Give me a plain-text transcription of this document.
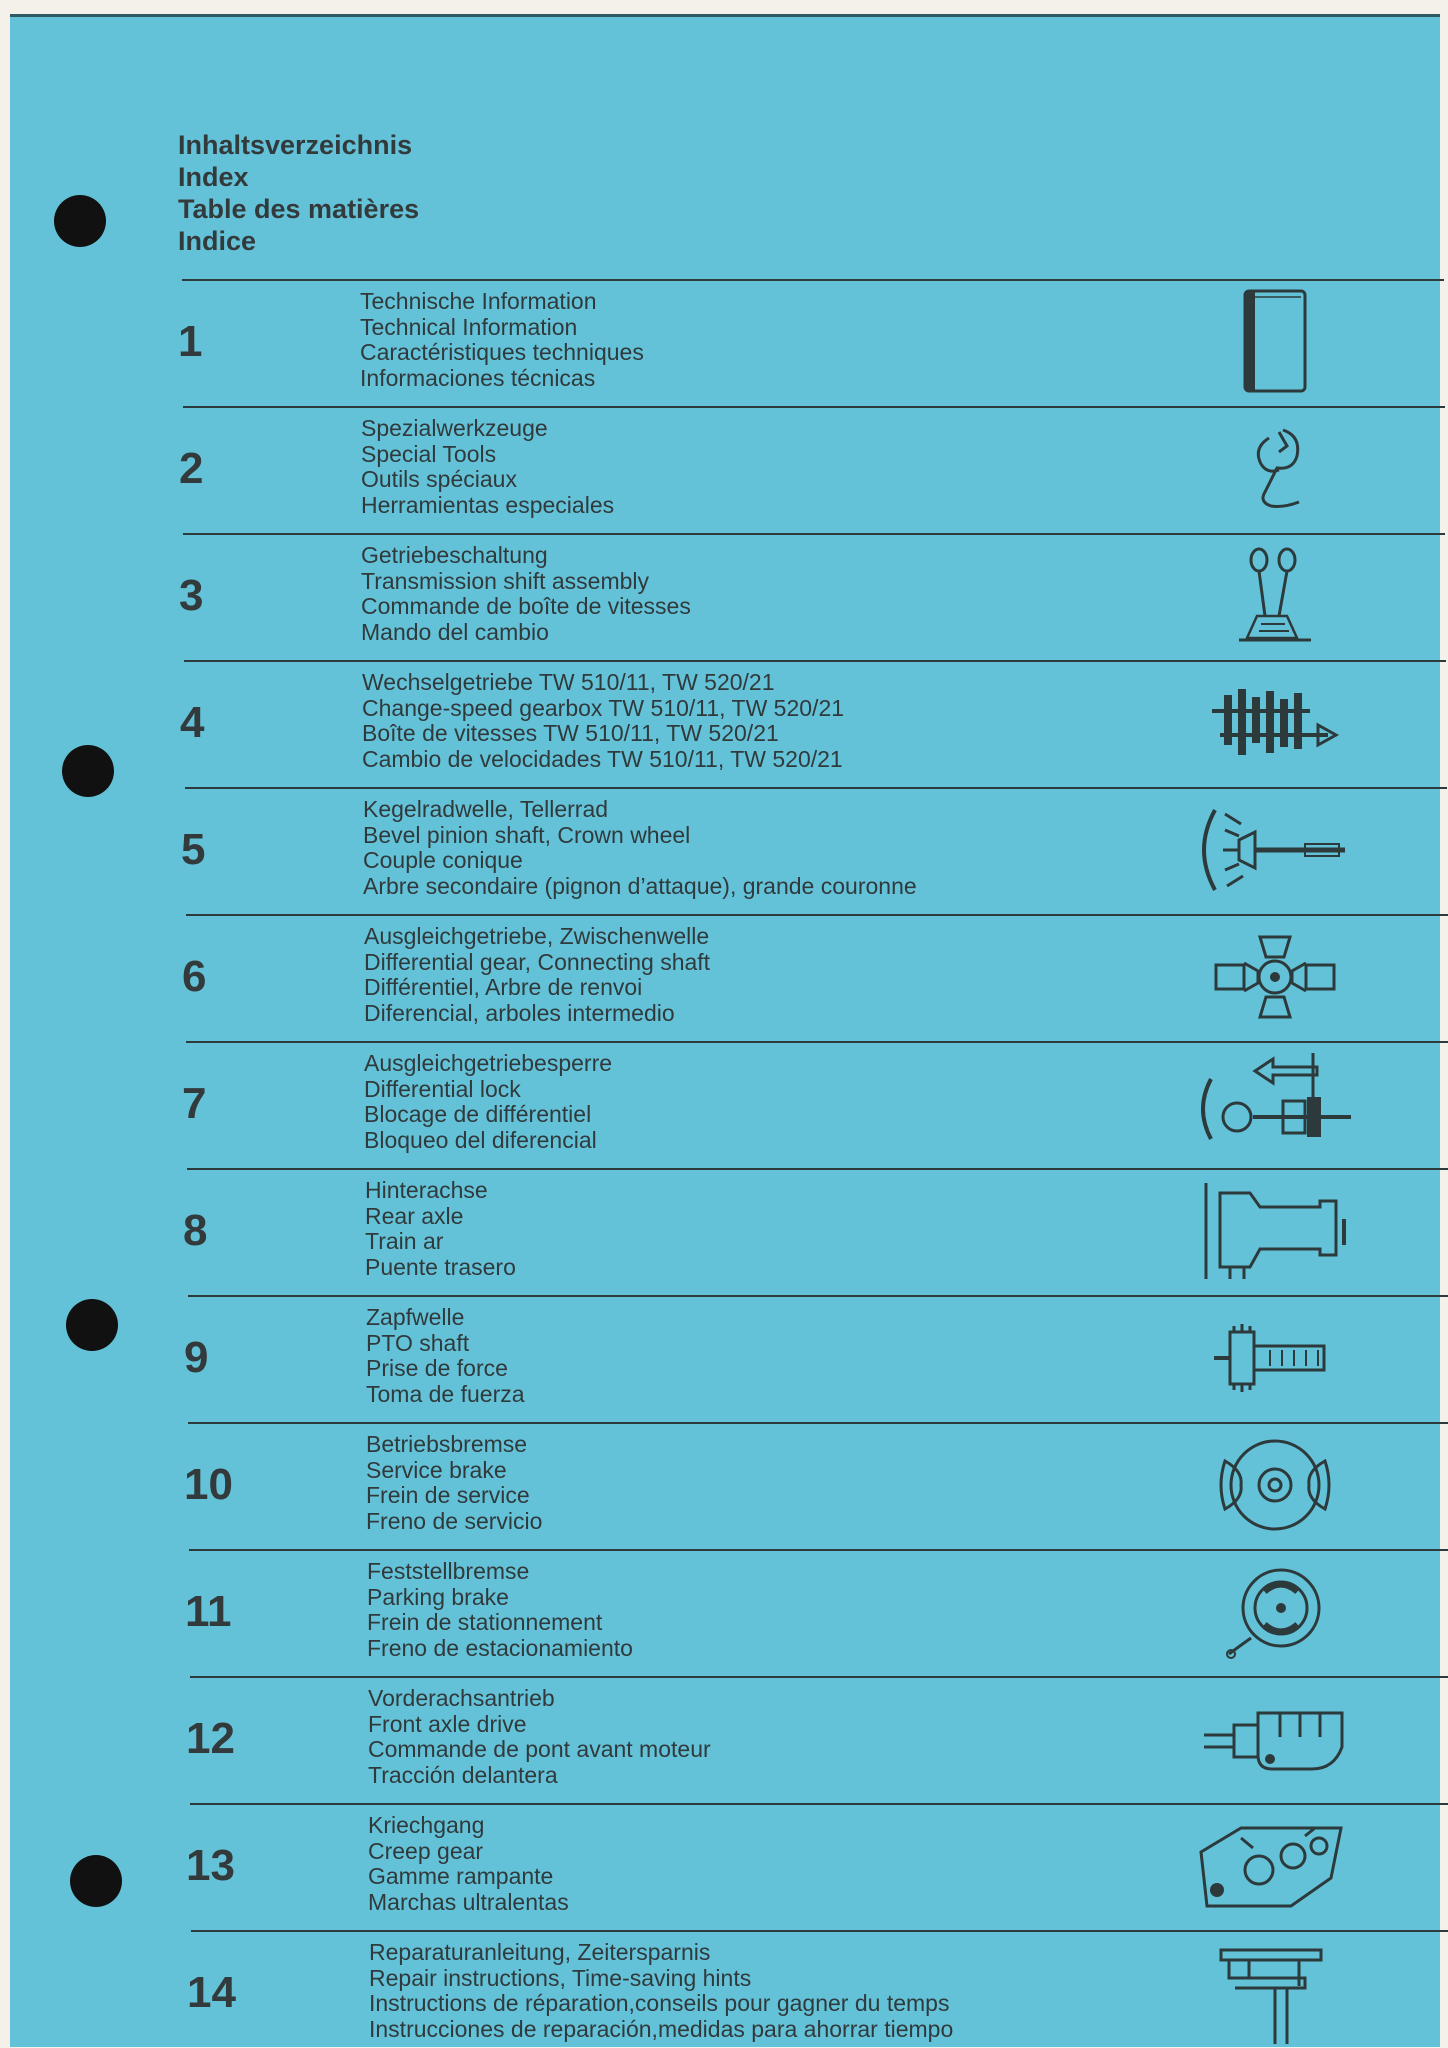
Inhaltsverzeichnis
Index
Table des matières
Indice
1
Technische Information
Technical Information
Caractéristiques techniques
Informaciones técnicas
2
Spezialwerkzeuge
Special Tools
Outils spéciaux
Herramientas especiales
3
Getriebeschaltung
Transmission shift assembly
Commande de boîte de vitesses
Mando del cambio
4
Wechselgetriebe TW 510/11, TW 520/21
Change-speed gearbox TW 510/11, TW 520/21
Boîte de vitesses TW 510/11, TW 520/21
Cambio de velocidades TW 510/11, TW 520/21
5
Kegelradwelle, Tellerrad
Bevel pinion shaft, Crown wheel
Couple conique
Arbre secondaire (pignon d’attaque), grande couronne
6
Ausgleichgetriebe, Zwischenwelle
Differential gear, Connecting shaft
Différentiel, Arbre de renvoi
Diferencial, arboles intermedio
7
Ausgleichgetriebesperre
Differential lock
Blocage de différentiel
Bloqueo del diferencial
8
Hinterachse
Rear axle
Train ar
Puente trasero
9
Zapfwelle
PTO shaft
Prise de force
Toma de fuerza
10
Betriebsbremse
Service brake
Frein de service
Freno de servicio
11
Feststellbremse
Parking brake
Frein de stationnement
Freno de estacionamiento
12
Vorderachsantrieb
Front axle drive
Commande de pont avant moteur
Tracción delantera
13
Kriechgang
Creep gear
Gamme rampante
Marchas ultralentas
14
Reparaturanleitung, Zeitersparnis
Repair instructions, Time-saving hints
Instructions de réparation,conseils pour gagner du temps
Instrucciones de reparación,medidas para ahorrar tiempo
